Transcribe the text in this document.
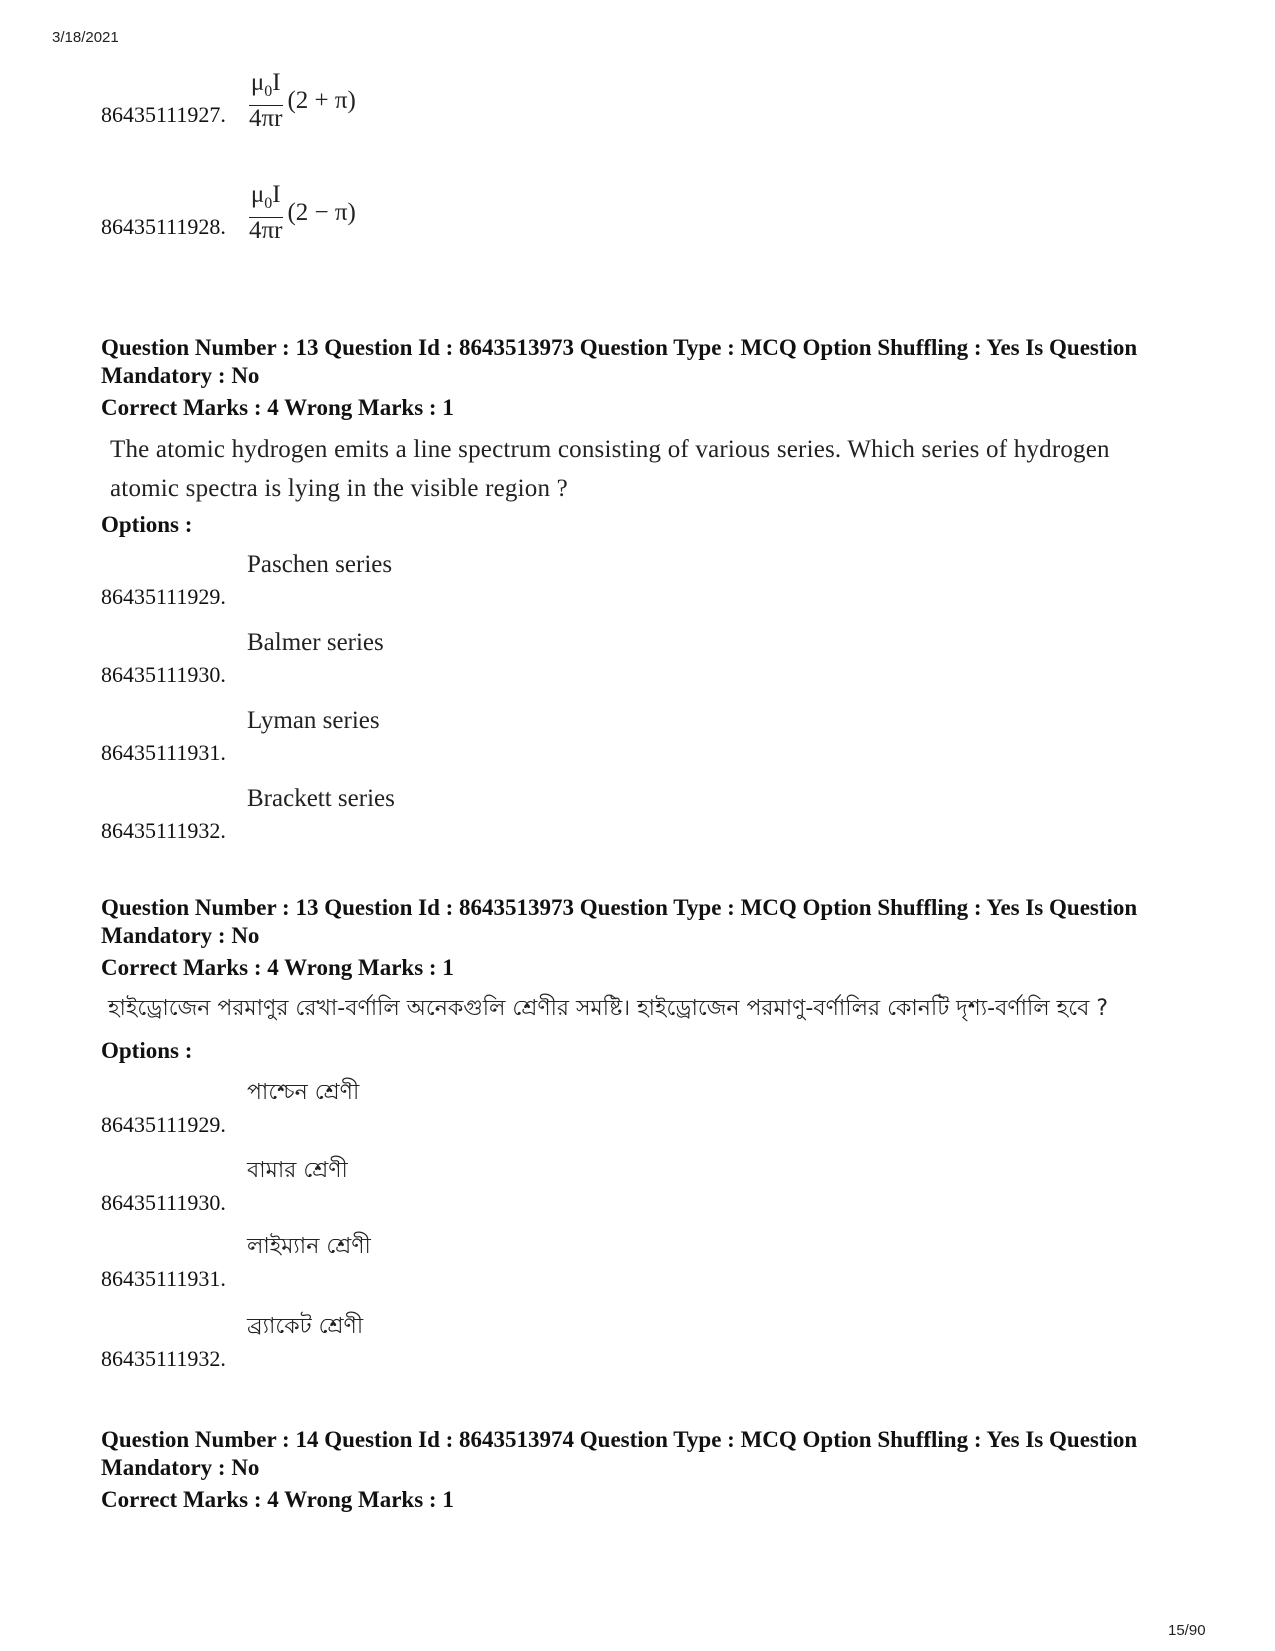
3/18/2021
86435111927. $\frac{\mu_0I}{4\pi r} (2 + \pi)$
86435111928. $\frac{\mu_0I}{4\pi r} (2 - \pi)$
Question Number : 13 Question Id : 8643513973 Question Type : MCQ Option Shuffling : Yes Is Question Mandatory : No
Correct Marks : 4 Wrong Marks : 1
The atomic hydrogen emits a line spectrum consisting of various series. Which series of hydrogen atomic spectra is lying in the visible region ?
Options :
86435111929.
Paschen series
86435111930.
Balmer series
86435111931.
Lyman series
86435111932.
Brackett series
Question Number : 13 Question Id : 8643513973 Question Type : MCQ Option Shuffling : Yes Is Question Mandatory : No
Correct Marks : 4 Wrong Marks : 1
হাইড্রোজেন পরমাণুর রেখা-বর্ণালি অনেকগুলি শ্রেণীর সমষ্টি। হাইড্রোজেন পরমাণু-বর্ণালির কোনটি দৃশ্য-বর্ণালি হবে ?
Options :
86435111929.
পাশ্চেন শ্রেণী
86435111930.
বামার শ্রেণী
86435111931.
লাইম্যান শ্রেণী
86435111932.
ব্র্যাকেট শ্রেণী
Question Number : 14 Question Id : 8643513974 Question Type : MCQ Option Shuffling : Yes Is Question Mandatory : No
Correct Marks : 4 Wrong Marks : 1
15/90
